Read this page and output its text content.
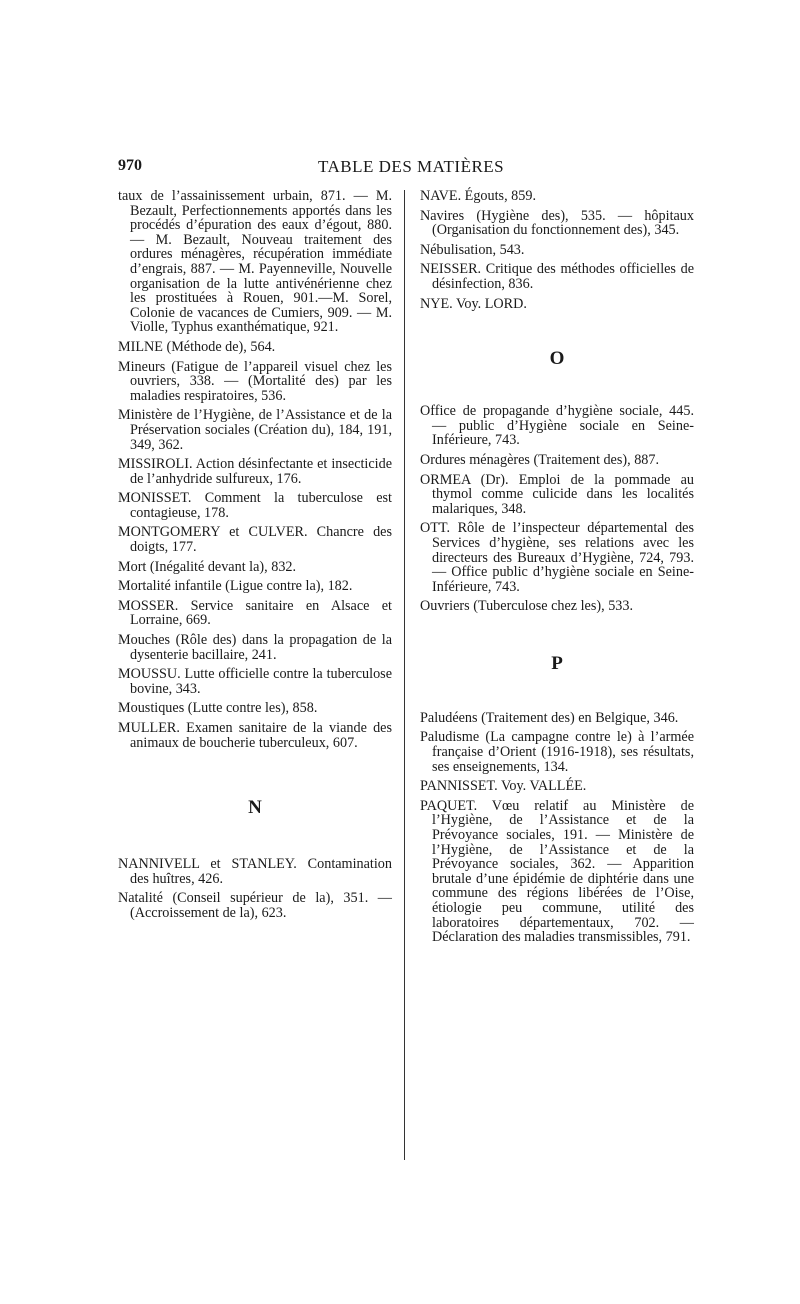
970	TABLE DES MATIÈRES

taux de l’assainissement urbain, 871. — M. Bezault, Perfectionnements apportés dans les procédés d’épuration des eaux d’égout, 880. — M. Bezault, Nouveau traitement des ordures ménagères, récupération immédiate d’engrais, 887. — M. Payenneville, Nouvelle organisation de la lutte antivénérienne chez les prostituées à Rouen, 901.—M. Sorel, Colonie de vacances de Cumiers, 909. — M. Violle, Typhus exanthématique, 921.

MILNE (Méthode de), 564.

Mineurs (Fatigue de l’appareil visuel chez les ouvriers, 338. — (Mortalité des) par les maladies respiratoires, 536.

Ministère de l’Hygiène, de l’Assistance et de la Préservation sociales (Création du), 184, 191, 349, 362.

MISSIROLI. Action désinfectante et insecticide de l’anhydride sulfureux, 176.

MONISSET. Comment la tuberculose est contagieuse, 178.

MONTGOMERY et CULVER. Chancre des doigts, 177.

Mort (Inégalité devant la), 832.

Mortalité infantile (Ligue contre la), 182.

MOSSER. Service sanitaire en Alsace et Lorraine, 669.

Mouches (Rôle des) dans la propagation de la dysenterie bacillaire, 241.

MOUSSU. Lutte officielle contre la tuberculose bovine, 343.

Moustiques (Lutte contre les), 858.

MULLER. Examen sanitaire de la viande des animaux de boucherie tuberculeux, 607.

N

NANNIVELL et STANLEY. Contamination des huîtres, 426.

Natalité (Conseil supérieur de la), 351. — (Accroissement de la), 623.

NAVE. Égouts, 859.

Navires (Hygiène des), 535. — hôpitaux (Organisation du fonctionnement des), 345.

Nébulisation, 543.

NEISSER. Critique des méthodes officielles de désinfection, 836.

NYE. Voy. LORD.

O

Office de propagande d’hygiène sociale, 445. — public d’Hygiène sociale en Seine-Inférieure, 743.

Ordures ménagères (Traitement des), 887.

ORMEA (Dr). Emploi de la pommade au thymol comme culicide dans les localités malariques, 348.

OTT. Rôle de l’inspecteur départemental des Services d’hygiène, ses relations avec les directeurs des Bureaux d’Hygiène, 724, 793. — Office public d’hygiène sociale en Seine-Inférieure, 743.

Ouvriers (Tuberculose chez les), 533.

P

Paludéens (Traitement des) en Belgique, 346.

Paludisme (La campagne contre le) à l’armée française d’Orient (1916-1918), ses résultats, ses enseignements, 134.

PANNISSET. Voy. VALLÉE.

PAQUET. Vœu relatif au Ministère de l’Hygiène, de l’Assistance et de la Prévoyance sociales, 191. — Ministère de l’Hygiène, de l’Assistance et de la Prévoyance sociales, 362. — Apparition brutale d’une épidémie de diphtérie dans une commune des régions libérées de l’Oise, étiologie peu commune, utilité des laboratoires départementaux, 702. — Déclaration des maladies transmissibles, 791.
